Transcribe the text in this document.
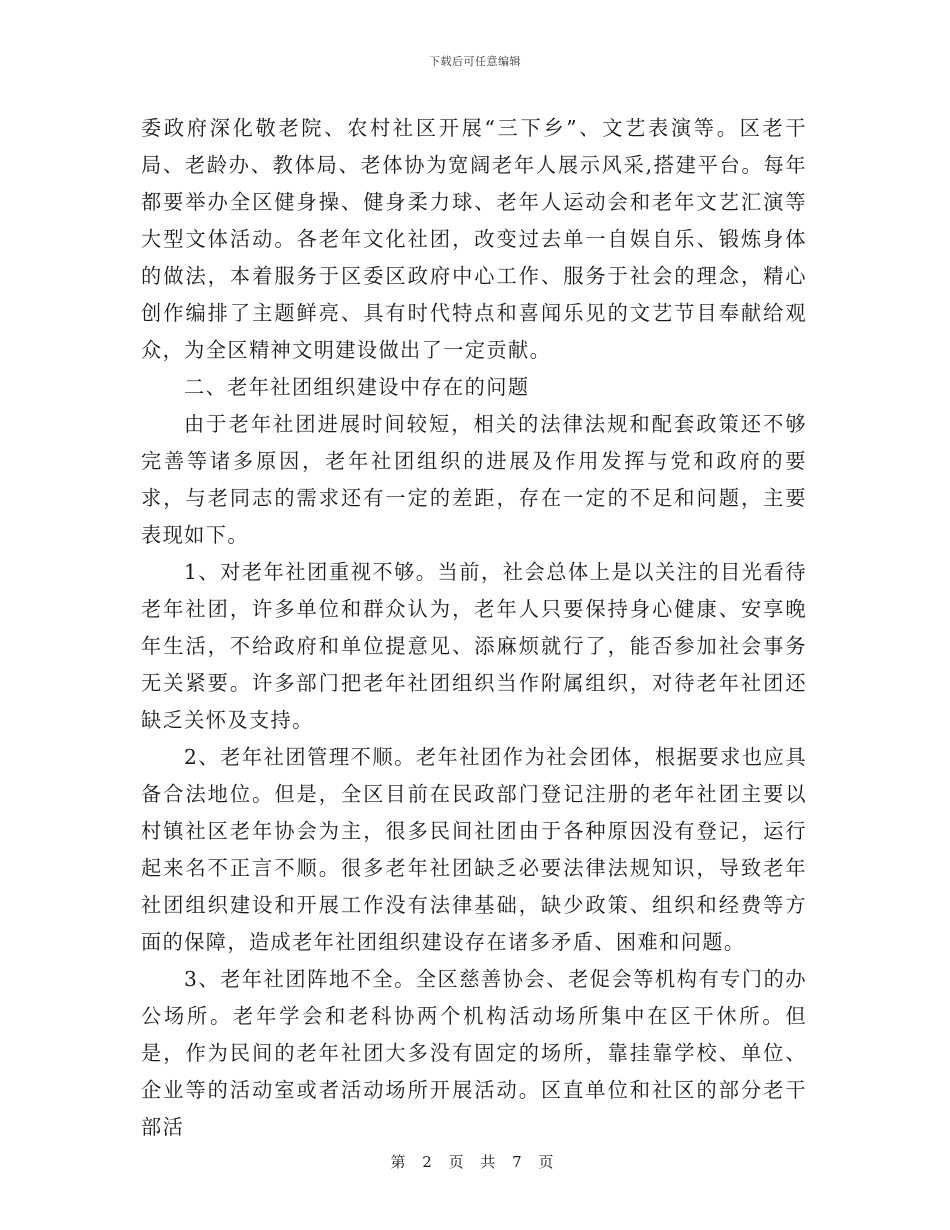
下载后可任意编辑

委政府深化敬老院、农村社区开展“三下乡”、文艺表演等。区老干局、老龄办、教体局、老体协为宽阔老年人展示风采,搭建平台。每年都要举办全区健身操、健身柔力球、老年人运动会和老年文艺汇演等大型文体活动。各老年文化社团，改变过去单一自娱自乐、锻炼身体的做法，本着服务于区委区政府中心工作、服务于社会的理念，精心创作编排了主题鲜亮、具有时代特点和喜闻乐见的文艺节目奉献给观众，为全区精神文明建设做出了一定贡献。

二、老年社团组织建设中存在的问题

由于老年社团进展时间较短，相关的法律法规和配套政策还不够完善等诸多原因，老年社团组织的进展及作用发挥与党和政府的要求，与老同志的需求还有一定的差距，存在一定的不足和问题，主要表现如下。

1、对老年社团重视不够。当前，社会总体上是以关注的目光看待老年社团，许多单位和群众认为，老年人只要保持身心健康、安享晚年生活，不给政府和单位提意见、添麻烦就行了，能否参加社会事务无关紧要。许多部门把老年社团组织当作附属组织，对待老年社团还缺乏关怀及支持。

2、老年社团管理不顺。老年社团作为社会团体，根据要求也应具备合法地位。但是，全区目前在民政部门登记注册的老年社团主要以村镇社区老年协会为主，很多民间社团由于各种原因没有登记，运行起来名不正言不顺。很多老年社团缺乏必要法律法规知识，导致老年社团组织建设和开展工作没有法律基础，缺少政策、组织和经费等方面的保障，造成老年社团组织建设存在诸多矛盾、困难和问题。

3、老年社团阵地不全。全区慈善协会、老促会等机构有专门的办公场所。老年学会和老科协两个机构活动场所集中在区干休所。但是，作为民间的老年社团大多没有固定的场所，靠挂靠学校、单位、企业等的活动室或者活动场所开展活动。区直单位和社区的部分老干部活

第 2 页 共 7 页
